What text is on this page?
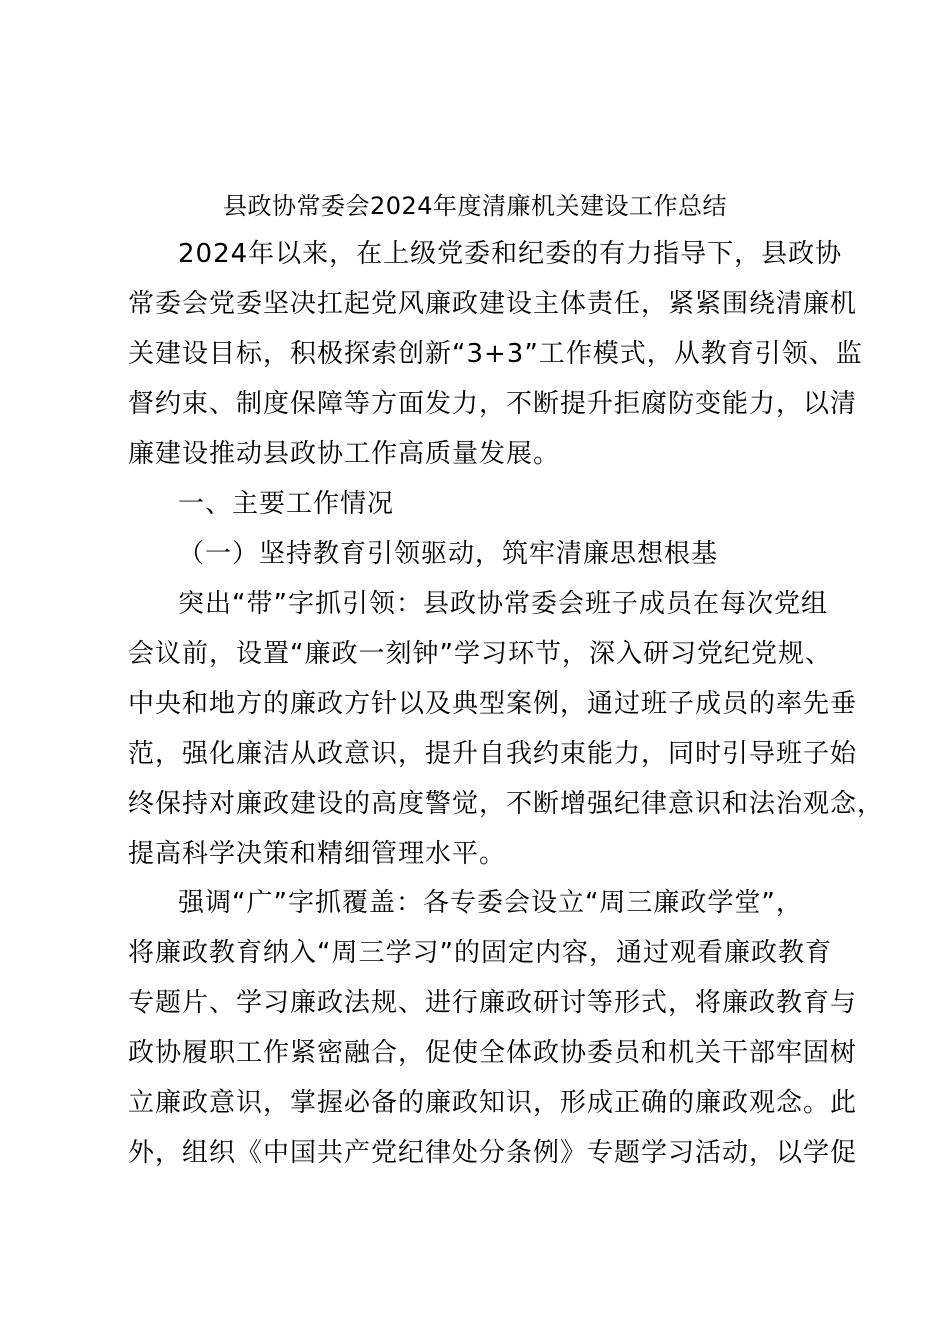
县政协常委会2024年度清廉机关建设工作总结
2024年以来，在上级党委和纪委的有力指导下，县政协
常委会党委坚决扛起党风廉政建设主体责任，紧紧围绕清廉机
关建设目标，积极探索创新“3+3”工作模式，从教育引领、监
督约束、制度保障等方面发力，不断提升拒腐防变能力，以清
廉建设推动县政协工作高质量发展。
一、主要工作情况
（一）坚持教育引领驱动，筑牢清廉思想根基
突出“带”字抓引领：县政协常委会班子成员在每次党组
会议前，设置“廉政一刻钟”学习环节，深入研习党纪党规、
中央和地方的廉政方针以及典型案例，通过班子成员的率先垂
范，强化廉洁从政意识，提升自我约束能力，同时引导班子始
终保持对廉政建设的高度警觉，不断增强纪律意识和法治观念，
提高科学决策和精细管理水平。
强调“广”字抓覆盖：各专委会设立“周三廉政学堂”，
将廉政教育纳入“周三学习”的固定内容，通过观看廉政教育
专题片、学习廉政法规、进行廉政研讨等形式，将廉政教育与
政协履职工作紧密融合，促使全体政协委员和机关干部牢固树
立廉政意识，掌握必备的廉政知识，形成正确的廉政观念。此
外，组织《中国共产党纪律处分条例》专题学习活动，以学促
